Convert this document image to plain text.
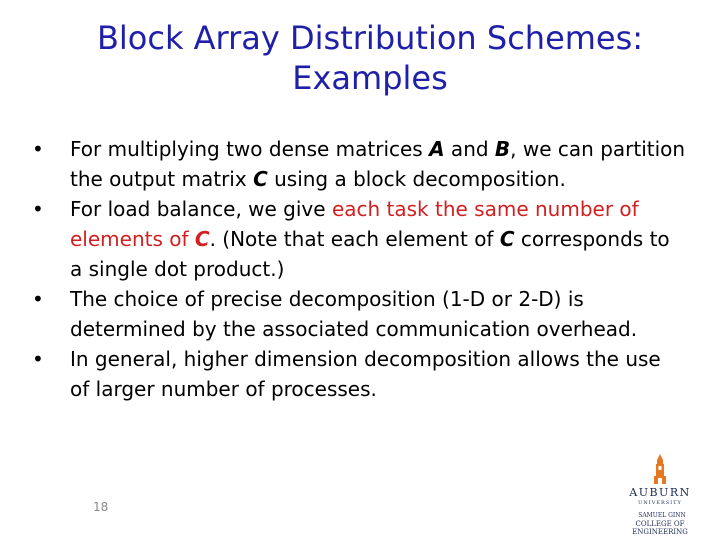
Block Array Distribution Schemes:
Examples
•	For multiplying two dense matrices A and B, we can partition the output matrix C using a block decomposition.
•	For load balance, we give each task the same number of elements of C. (Note that each element of C corresponds to a single dot product.)
•	The choice of precise decomposition (1-D or 2-D) is determined by the associated communication overhead.
•	In general, higher dimension decomposition allows the use of larger number of processes.
18
AUBURN
UNIVERSITY
SAMUEL GINN
COLLEGE OF ENGINEERING
